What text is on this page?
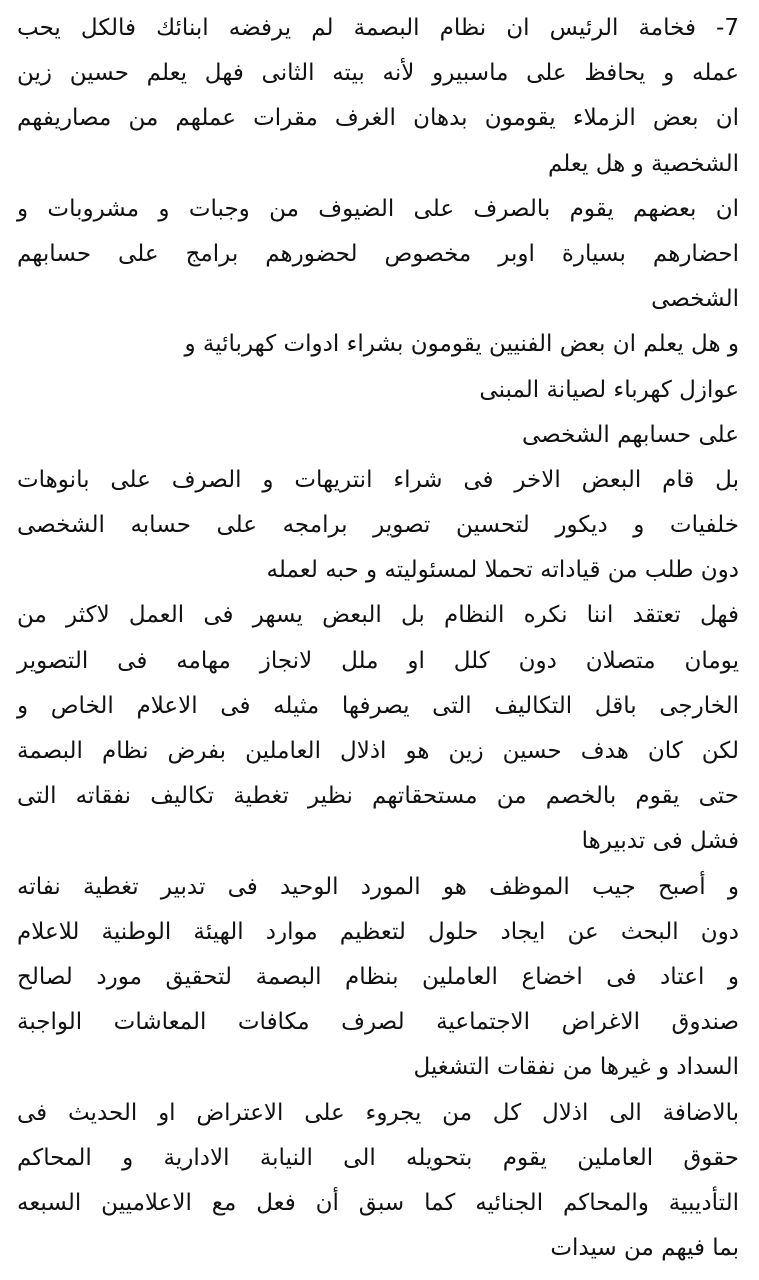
7- فخامة الرئيس ان نظام البصمة لم يرفضه ابنائك فالكل يحب
عمله و يحافظ على ماسبيرو لأنه بيته الثانى فهل يعلم حسين زين
ان بعض الزملاء يقومون بدهان الغرف مقرات عملهم من مصاريفهم
الشخصية و هل يعلم
ان بعضهم يقوم بالصرف على الضيوف من وجبات و مشروبات و
احضارهم بسيارة اوبر مخصوص لحضورهم برامج على حسابهم
الشخصى
و هل يعلم ان بعض الفنيين يقومون بشراء ادوات كهربائية و
عوازل كهرباء لصيانة المبنى
على حسابهم الشخصى
بل قام البعض الاخر فى شراء انتريهات و الصرف على بانوهات
خلفيات و ديكور لتحسين تصوير برامجه على حسابه الشخصى
دون طلب من قياداته تحملا لمسئوليته و حبه لعمله
فهل تعتقد اننا نكره النظام بل البعض يسهر فى العمل لاكثر من
يومان متصلان دون كلل او ملل لانجاز مهامه فى التصوير
الخارجى باقل التكاليف التى يصرفها مثيله فى الاعلام الخاص و
لكن كان هدف حسين زين هو اذلال العاملين بفرض نظام البصمة
حتى يقوم بالخصم من مستحقاتهم نظير تغطية تكاليف نفقاته التى
فشل فى تدبيرها
و أصبح جيب الموظف هو المورد الوحيد فى تدبير تغطية نفاته
دون البحث عن ايجاد حلول لتعظيم موارد الهيئة الوطنية للاعلام
و اعتاد فى اخضاع العاملين بنظام البصمة لتحقيق مورد لصالح
صندوق الاغراض الاجتماعية لصرف مكافات المعاشات الواجبة
السداد و غيرها من نفقات التشغيل
بالاضافة الى اذلال كل من يجروء على الاعتراض او الحديث فى
حقوق العاملين يقوم بتحويله الى النيابة الادارية و المحاكم
التأديبية والمحاكم الجنائيه كما سبق أن فعل مع الاعلاميين السبعه
بما فيهم من سيدات
